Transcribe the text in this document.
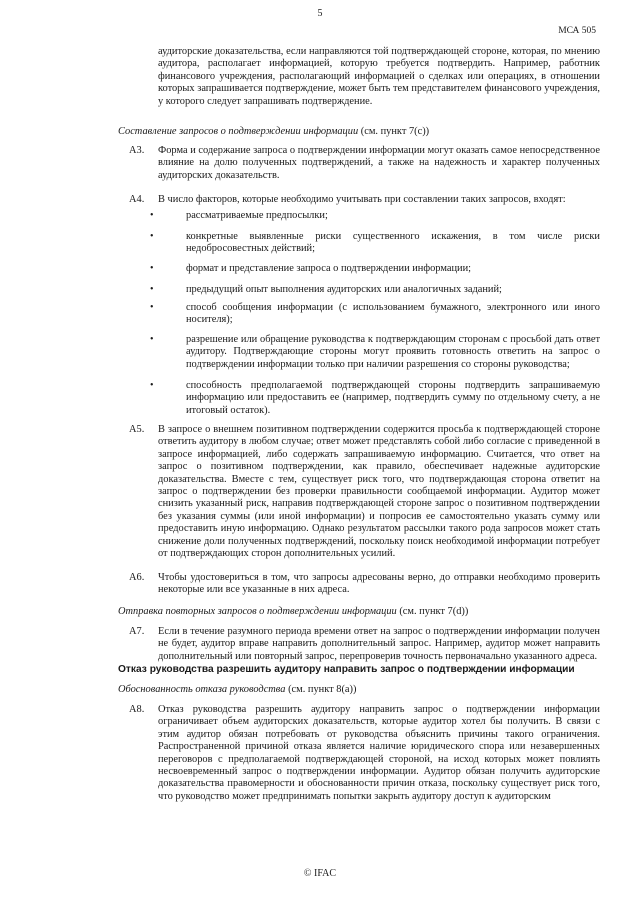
5
МСА 505
аудиторские доказательства, если направляются той подтверждающей стороне, которая, по мнению аудитора, располагает информацией, которую требуется подтвердить. Например, работник финансового учреждения, располагающий информацией о сделках или операциях, в отношении которых запрашивается подтверждение, может быть тем представителем финансового учреждения, у которого следует запрашивать подтверждение.
Составление запросов о подтверждении информации (см. пункт 7(c))
А3. Форма и содержание запроса о подтверждении информации могут оказать самое непосредственное влияние на долю полученных подтверждений, а также на надежность и характер полученных аудиторских доказательств.
А4. В число факторов, которые необходимо учитывать при составлении таких запросов, входят:
•	рассматриваемые предпосылки;
•	конкретные выявленные риски существенного искажения, в том числе риски недобросовестных действий;
•	формат и представление запроса о подтверждении информации;
•	предыдущий опыт выполнения аудиторских или аналогичных заданий;
•	способ сообщения информации (с использованием бумажного, электронного или иного носителя);
•	разрешение или обращение руководства к подтверждающим сторонам с просьбой дать ответ аудитору. Подтверждающие стороны могут проявить готовность ответить на запрос о подтверждении информации только при наличии разрешения со стороны руководства;
•	способность предполагаемой подтверждающей стороны подтвердить запрашиваемую информацию или предоставить ее (например, подтвердить сумму по отдельному счету, а не итоговый остаток).
А5. В запросе о внешнем позитивном подтверждении содержится просьба к подтверждающей стороне ответить аудитору в любом случае; ответ может представлять собой либо согласие с приведенной в запросе информацией, либо содержать запрашиваемую информацию. Считается, что ответ на запрос о позитивном подтверждении, как правило, обеспечивает надежные аудиторские доказательства. Вместе с тем, существует риск того, что подтверждающая сторона ответит на запрос о подтверждении без проверки правильности сообщаемой информации. Аудитор может снизить указанный риск, направив подтверждающей стороне запрос о позитивном подтверждении без указания суммы (или иной информации) и попросив ее самостоятельно указать сумму или предоставить иную информацию. Однако результатом рассылки такого рода запросов может стать снижение доли полученных подтверждений, поскольку поиск необходимой информации потребует от подтверждающих сторон дополнительных усилий.
А6. Чтобы удостовериться в том, что запросы адресованы верно, до отправки необходимо проверить некоторые или все указанные в них адреса.
Отправка повторных запросов о подтверждении информации (см. пункт 7(d))
А7. Если в течение разумного периода времени ответ на запрос о подтверждении информации получен не будет, аудитор вправе направить дополнительный запрос. Например, аудитор может направить дополнительный или повторный запрос, перепроверив точность первоначально указанного адреса.
Отказ руководства разрешить аудитору направить запрос о подтверждении информации
Обоснованность отказа руководства (см. пункт 8(a))
А8. Отказ руководства разрешить аудитору направить запрос о подтверждении информации ограничивает объем аудиторских доказательств, которые аудитор хотел бы получить. В связи с этим аудитор обязан потребовать от руководства объяснить причины такого ограничения. Распространенной причиной отказа является наличие юридического спора или незавершенных переговоров с предполагаемой подтверждающей стороной, на исход которых может повлиять несвоевременный запрос о подтверждении информации. Аудитор обязан получить аудиторские доказательства правомерности и обоснованности причин отказа, поскольку существует риск того, что руководство может предпринимать попытки закрыть аудитору доступ к аудиторским
© IFAC
